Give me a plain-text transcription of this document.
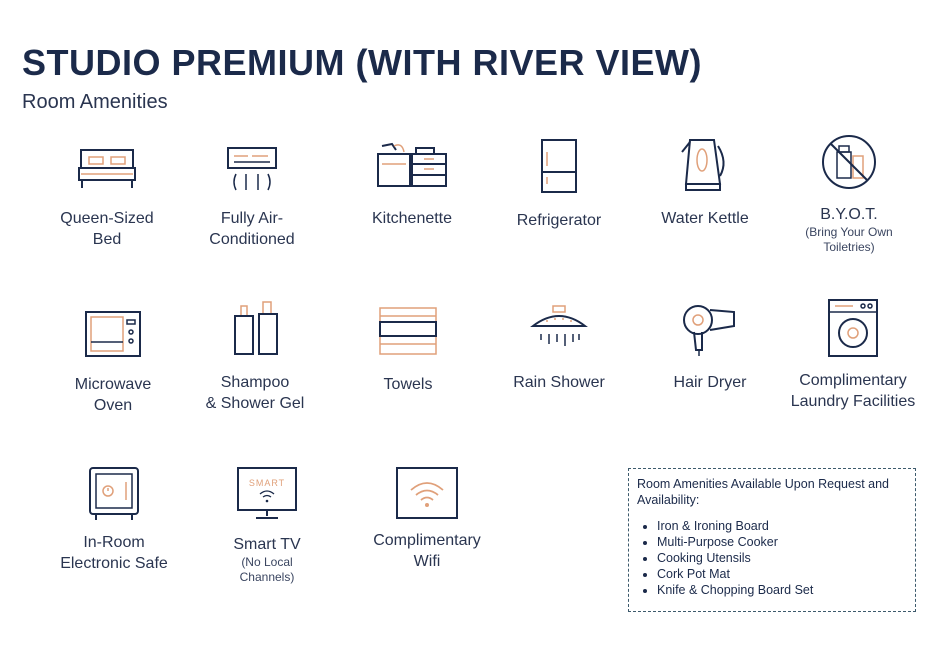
STUDIO PREMIUM (WITH RIVER VIEW)

Room Amenities

Queen-Sized
Bed
Fully Air-
Conditioned
Kitchenette	Refrigerator	Water Kettle	B.Y.O.T.
(Bring Your Own
Toiletries)
Microwave
Oven
Shampoo
& Shower Gel
Towels	Rain Shower	Hair Dryer	Complimentary
Laundry Facilities
In-Room
Electronic Safe
SMART
Smart TV
(No Local
Channels)
Complimentary
Wifi
Room Amenities Available Upon Request and Availability:
• Iron & Ironing Board
• Multi-Purpose Cooker
• Cooking Utensils
• Cork Pot Mat
• Knife & Chopping Board Set
